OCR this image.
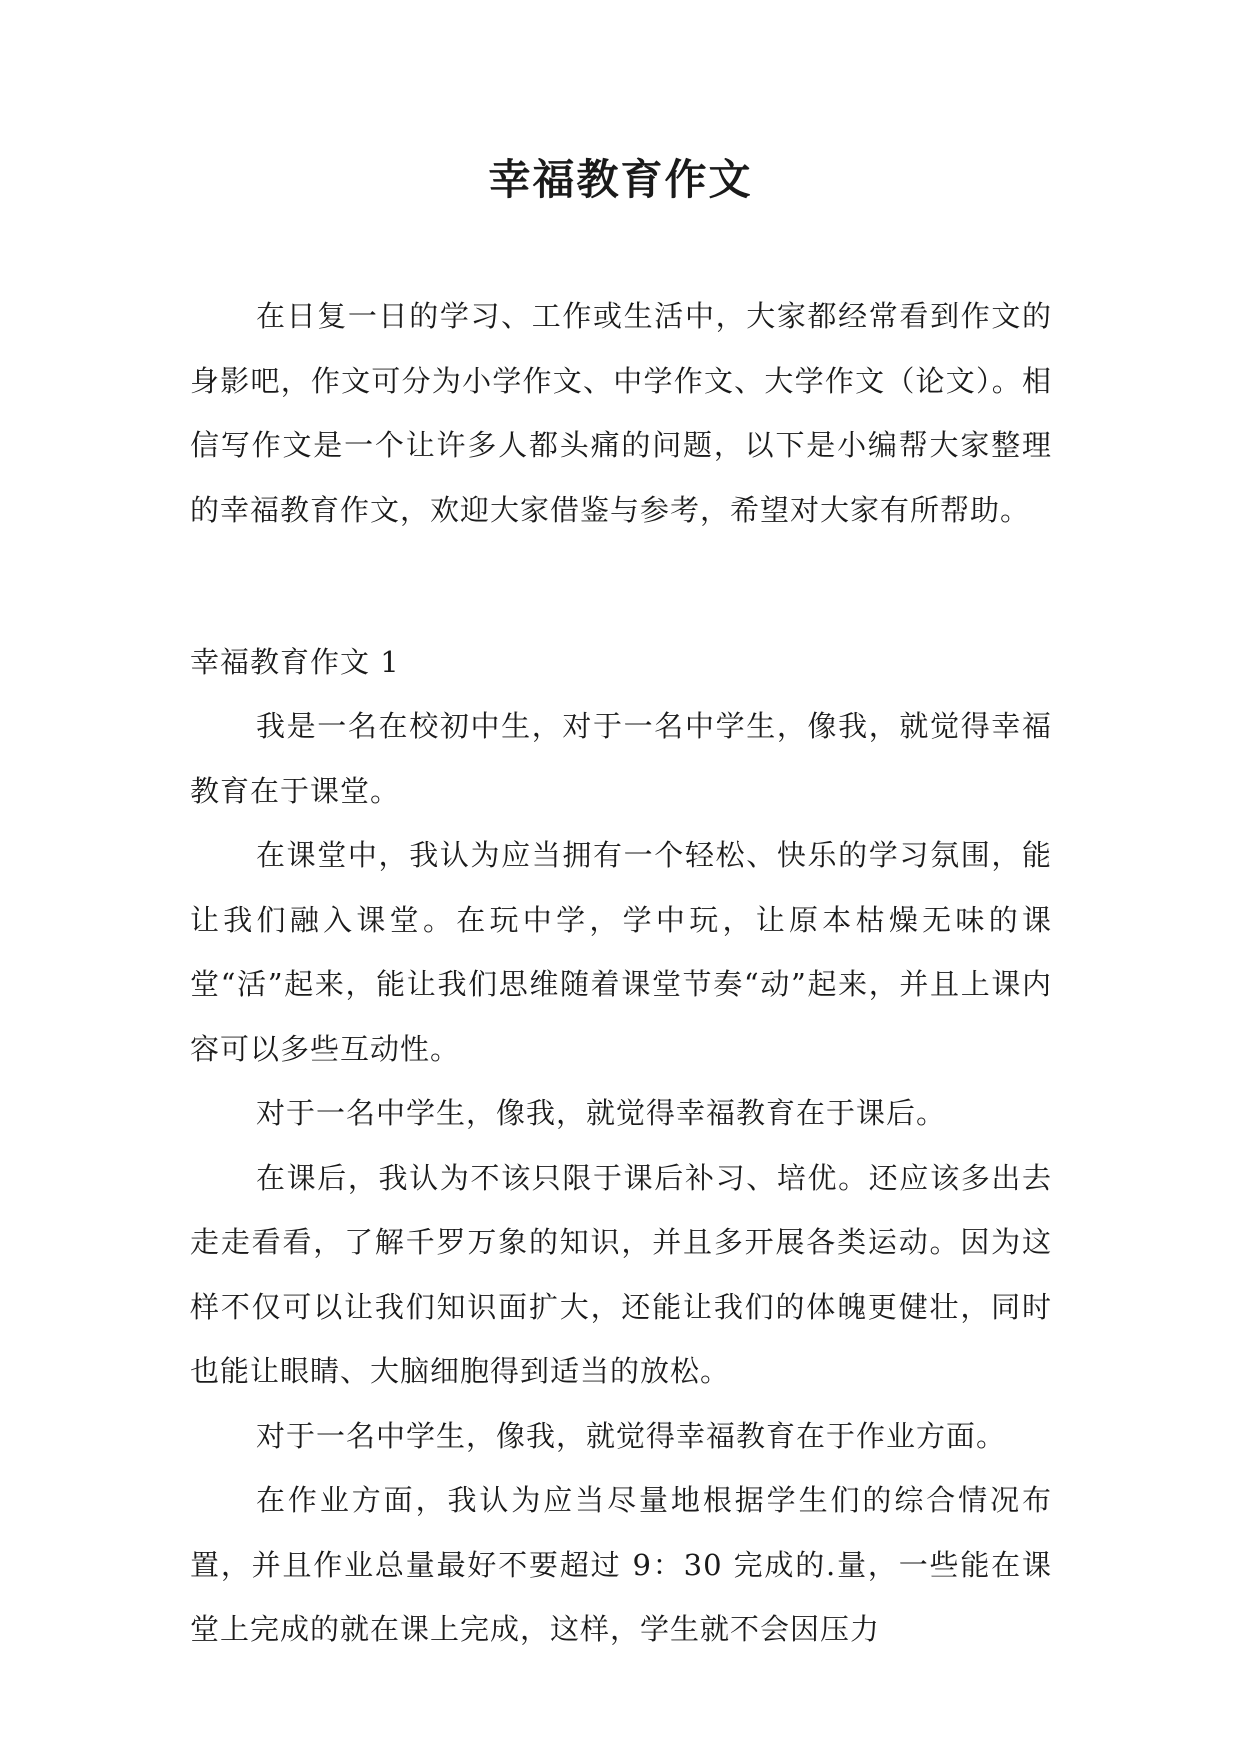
幸福教育作文

在日复一日的学习、工作或生活中，大家都经常看到作文的身影吧，作文可分为小学作文、中学作文、大学作文（论文）。相信写作文是一个让许多人都头痛的问题，以下是小编帮大家整理的幸福教育作文，欢迎大家借鉴与参考，希望对大家有所帮助。

幸福教育作文 1

我是一名在校初中生，对于一名中学生，像我，就觉得幸福教育在于课堂。

在课堂中，我认为应当拥有一个轻松、快乐的学习氛围，能让我们融入课堂。在玩中学，学中玩，让原本枯燥无味的课堂“活”起来，能让我们思维随着课堂节奏“动”起来，并且上课内容可以多些互动性。

对于一名中学生，像我，就觉得幸福教育在于课后。

在课后，我认为不该只限于课后补习、培优。还应该多出去走走看看，了解千罗万象的知识，并且多开展各类运动。因为这样不仅可以让我们知识面扩大，还能让我们的体魄更健壮，同时也能让眼睛、大脑细胞得到适当的放松。

对于一名中学生，像我，就觉得幸福教育在于作业方面。

在作业方面，我认为应当尽量地根据学生们的综合情况布置，并且作业总量最好不要超过 9：30 完成的.量，一些能在课堂上完成的就在课上完成，这样，学生就不会因压力
